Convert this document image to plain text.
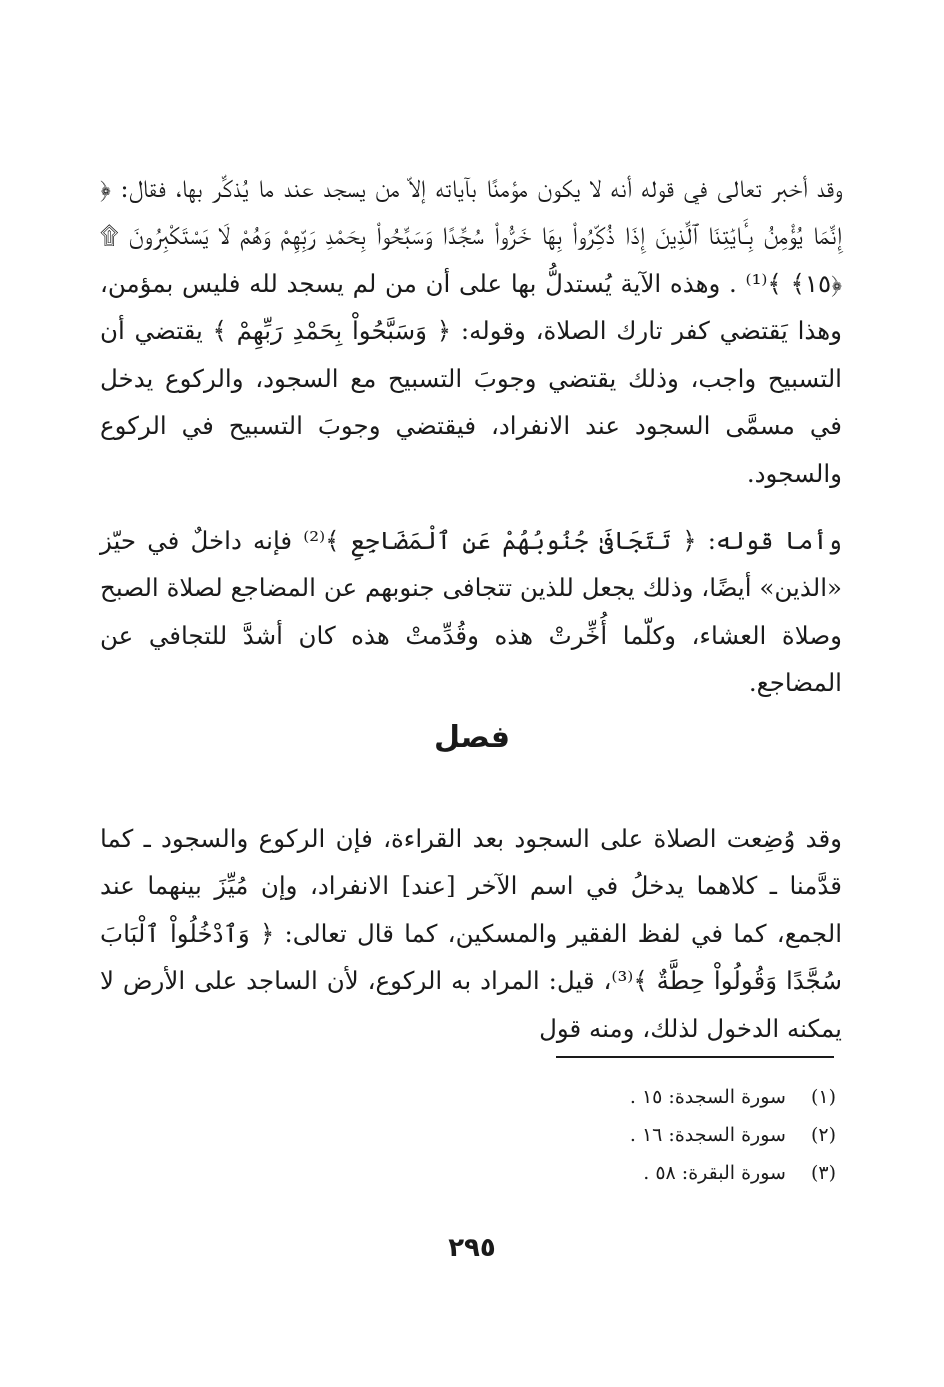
وقد أخبر تعالى في قوله أنه لا يكون مؤمنًا بآياته إلاّ من يسجد عند ما يُذكَّر بها، فقال: ﴿ إِنَّمَا يُؤْمِنُ بِـَٔايَٰتِنَا ٱلَّذِينَ إِذَا ذُكِّرُواْ بِهَا خَرُّواْ سُجَّدًا وَسَبَّحُواْ بِحَمْدِ رَبِّهِمْ وَهُمْ لَا يَسْتَكْبِرُونَ ۩ ﴿١٥﴾ ﴾⁽¹⁾ . وهذه الآية يُستدلُّ بها على أن من لم يسجد لله فليس بمؤمن، وهذا يَقتضي كفر تارك الصلاة، وقوله: ﴿ وَسَبَّحُواْ بِحَمْدِ رَبِّهِمْ ﴾ يقتضي أن التسبيح واجب، وذلك يقتضي وجوبَ التسبيح مع السجود، والركوع يدخل في مسمَّى السجود عند الانفراد، فيقتضي وجوبَ التسبيح في الركوع والسجود.

وأما قوله: ﴿ تَتَجَافَىٰ جُنُوبُهُمْ عَنِ ٱلْمَضَاجِعِ ﴾⁽²⁾ فإنه داخلٌ في حيّز «الذين» أيضًا، وذلك يجعل للذين تتجافى جنوبهم عن المضاجع لصلاة الصبح وصلاة العشاء، وكلّما أُخِّرتْ هذه وقُدِّمتْ هذه كان أشدَّ للتجافي عن المضاجع.

فصل

وقد وُضِعت الصلاة على السجود بعد القراءة، فإن الركوع والسجود ـ كما قدَّمنا ـ كلاهما يدخلُ في اسم الآخر [عند] الانفراد، وإن مُيِّزَ بينهما عند الجمع، كما في لفظ الفقير والمسكين، كما قال تعالى: ﴿ وَٱدْخُلُواْ ٱلْبَابَ سُجَّدًا وَقُولُواْ حِطَّةٌ ﴾⁽³⁾، قيل: المراد به الركوع، لأن الساجد على الأرض لا يمكنه الدخول لذلك، ومنه قول

(١) سورة السجدة: ١٥ .
(٢) سورة السجدة: ١٦ .
(٣) سورة البقرة: ٥٨ .
٢٩٥
